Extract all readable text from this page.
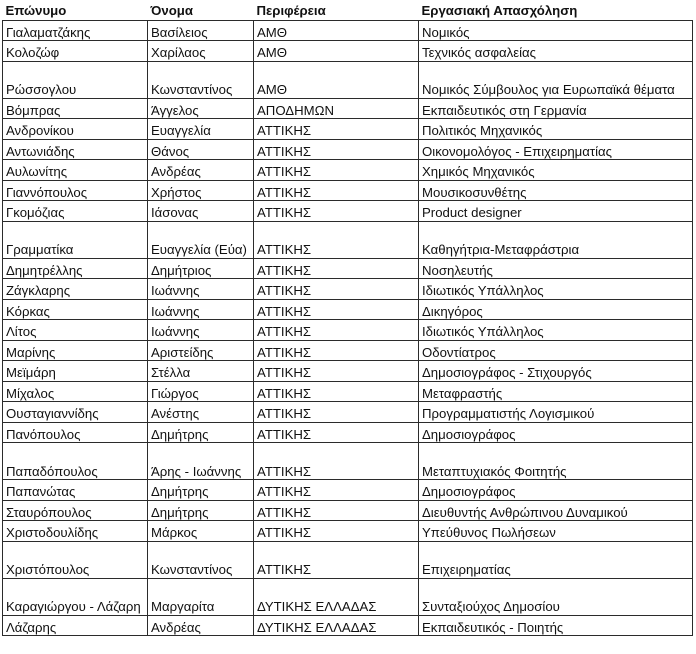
Επώνυμο	Όνομα	Περιφέρεια	Εργασιακή Απασχόληση
Γιαλαματζάκης	Βασίλειος	ΑΜΘ	Νομικός
Κολοζώφ	Χαρίλαος	ΑΜΘ	Τεχνικός ασφαλείας
Ρώσσογλου	Κωνσταντίνος	ΑΜΘ	Νομικός Σύμβουλος για Ευρωπαϊκά θέματα
Βόμπρας	Άγγελος	ΑΠΟΔΗΜΩΝ	Εκπαιδευτικός στη Γερμανία
Ανδρονίκου	Ευαγγελία	ΑΤΤΙΚΗΣ	Πολιτικός Μηχανικός
Αντωνιάδης	Θάνος	ΑΤΤΙΚΗΣ	Οικονομολόγος - Επιχειρηματίας
Αυλωνίτης	Ανδρέας	ΑΤΤΙΚΗΣ	Χημικός Μηχανικός
Γιαννόπουλος	Χρήστος	ΑΤΤΙΚΗΣ	Μουσικοσυνθέτης
Γκομόζιας	Ιάσονας	ΑΤΤΙΚΗΣ	Product designer
Γραμματίκα	Ευαγγελία (Εύα)	ΑΤΤΙΚΗΣ	Καθηγήτρια-Μεταφράστρια
Δημητρέλλης	Δημήτριος	ΑΤΤΙΚΗΣ	Νοσηλευτής
Ζάγκλαρης	Ιωάννης	ΑΤΤΙΚΗΣ	Ιδιωτικός Υπάλληλος
Κόρκας	Ιωάννης	ΑΤΤΙΚΗΣ	Δικηγόρος
Λίτος	Ιωάννης	ΑΤΤΙΚΗΣ	Ιδιωτικός Υπάλληλος
Μαρίνης	Αριστείδης	ΑΤΤΙΚΗΣ	Οδοντίατρος
Μεϊμάρη	Στέλλα	ΑΤΤΙΚΗΣ	Δημοσιογράφος - Στιχουργός
Μίχαλος	Γιώργος	ΑΤΤΙΚΗΣ	Μεταφραστής
Ουσταγιαννίδης	Ανέστης	ΑΤΤΙΚΗΣ	Προγραμματιστής Λογισμικού
Πανόπουλος	Δημήτρης	ΑΤΤΙΚΗΣ	Δημοσιογράφος
Παπαδόπουλος	Άρης - Ιωάννης	ΑΤΤΙΚΗΣ	Μεταπτυχιακός Φοιτητής
Παπανώτας	Δημήτρης	ΑΤΤΙΚΗΣ	Δημοσιογράφος
Σταυρόπουλος	Δημήτρης	ΑΤΤΙΚΗΣ	Διευθυντής Ανθρώπινου Δυναμικού
Χριστοδουλίδης	Μάρκος	ΑΤΤΙΚΗΣ	Υπεύθυνος Πωλήσεων
Χριστόπουλος	Κωνσταντίνος	ΑΤΤΙΚΗΣ	Επιχειρηματίας
Καραγιώργου - Λάζαρη	Μαργαρίτα	ΔΥΤΙΚΗΣ ΕΛΛΑΔΑΣ	Συνταξιούχος Δημοσίου
Λάζαρης	Ανδρέας	ΔΥΤΙΚΗΣ ΕΛΛΑΔΑΣ	Εκπαιδευτικός - Ποιητής
